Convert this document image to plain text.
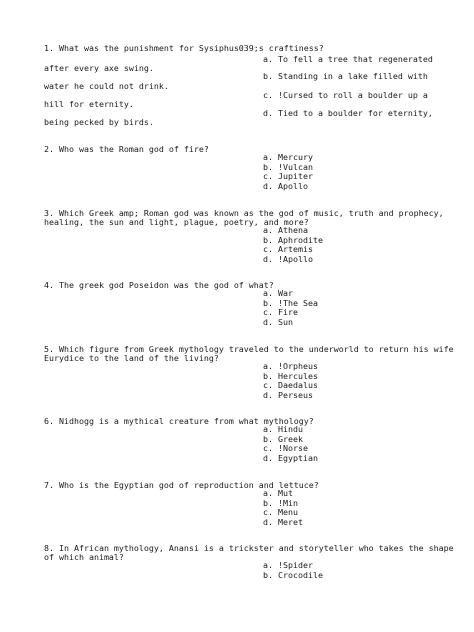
1. What was the punishment for Sysiphus039;s craftiness?
a. To fell a tree that regenerated
after every axe swing.
b. Standing in a lake filled with
water he could not drink.
c. !Cursed to roll a boulder up a
hill for eternity.
d. Tied to a boulder for eternity,
being pecked by birds.
2. Who was the Roman god of fire?
a. Mercury
b. !Vulcan
c. Jupiter
d. Apollo
3. Which Greek amp; Roman god was known as the god of music, truth and prophecy,
healing, the sun and light, plague, poetry, and more?
a. Athena
b. Aphrodite
c. Artemis
d. !Apollo
4. The greek god Poseidon was the god of what?
a. War
b. !The Sea
c. Fire
d. Sun
5. Which figure from Greek mythology traveled to the underworld to return his wife
Eurydice to the land of the living?
a. !Orpheus
b. Hercules
c. Daedalus
d. Perseus
6. Nidhogg is a mythical creature from what mythology?
a. Hindu
b. Greek
c. !Norse
d. Egyptian
7. Who is the Egyptian god of reproduction and lettuce?
a. Mut
b. !Min
c. Menu
d. Meret
8. In African mythology, Anansi is a trickster and storyteller who takes the shape
of which animal?
a. !Spider
b. Crocodile
